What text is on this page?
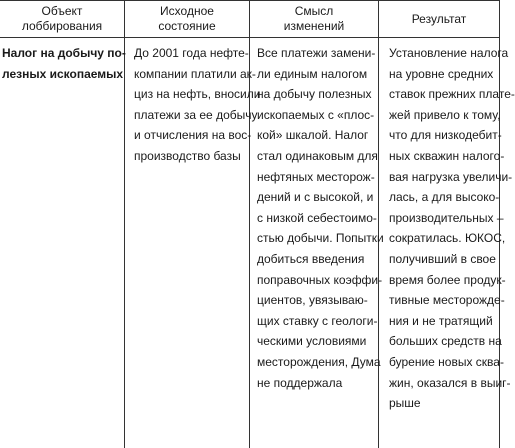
Объект
лоббирования
Исходное
состояние
Смысл
изменений
Результат
Налог на добычу по-
лезных ископаемых
До 2001 года нефте-
компании платили ак-
циз на нефть, вносили
платежи за ее добычу
и отчисления на вос-
производство базы
Все платежи замени-
ли единым налогом
на добычу полезных
ископаемых с «плос-
кой» шкалой. Налог
стал одинаковым для
нефтяных месторож-
дений и с высокой, и
с низкой себестоимо-
стью добычи. Попытки
добиться введения
поправочных коэффи-
циентов, увязываю-
щих ставку с геологи-
ческими условиями
месторождения, Дума
не поддержала
Установление налога
на уровне средних
ставок прежних плате-
жей привело к тому,
что для низкодебит-
ных скважин налого-
вая нагрузка увеличи-
лась, а для высоко-
производительных –
сократилась. ЮКОС,
получивший в свое
время более продук-
тивные месторожде-
ния и не тратящий
больших средств на
бурение новых сква-
жин, оказался в выиг-
рыше
